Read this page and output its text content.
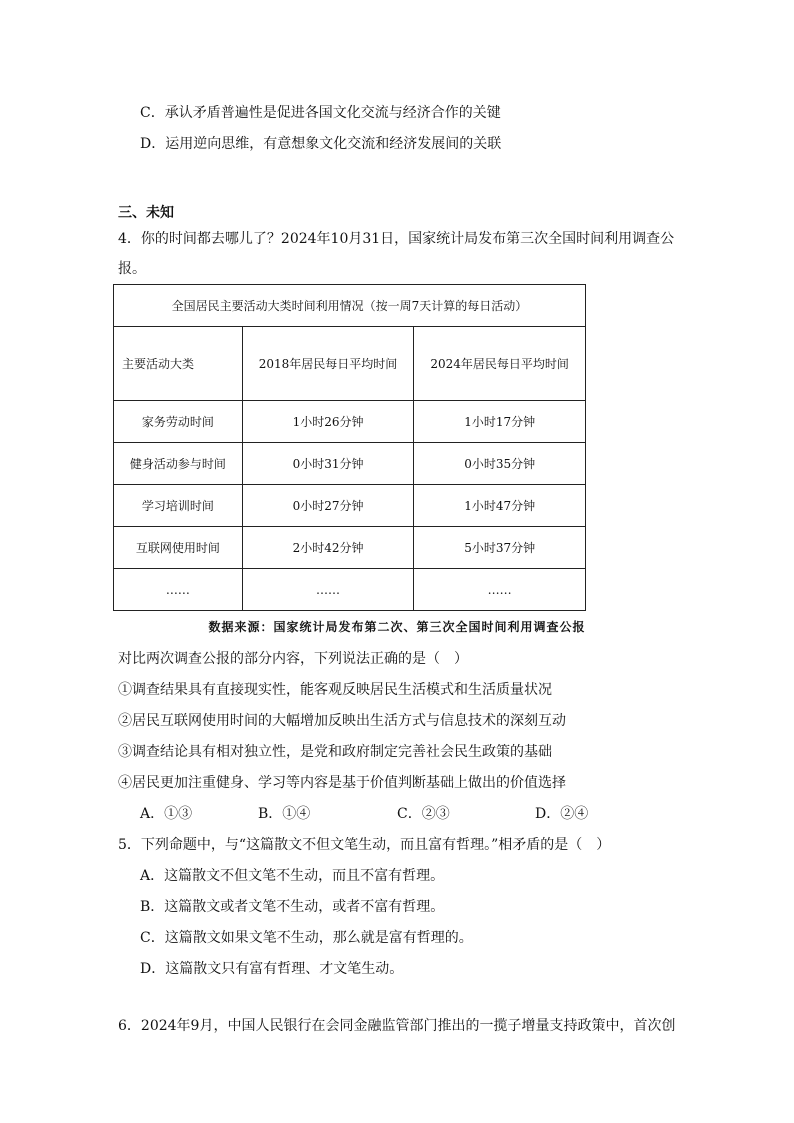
C．承认矛盾普遍性是促进各国文化交流与经济合作的关键
D．运用逆向思维，有意想象文化交流和经济发展间的关联
三、未知
4．你的时间都去哪儿了？2024年10月31日，国家统计局发布第三次全国时间利用调查公
报。
全国居民主要活动大类时间利用情况（按一周7天计算的每日活动）		
主要活动大类	2018年居民每日平均时间	2024年居民每日平均时间
家务劳动时间	1小时26分钟	1小时17分钟
健身活动参与时间	0小时31分钟	0小时35分钟
学习培训时间	0小时27分钟	1小时47分钟
互联网使用时间	2小时42分钟	5小时37分钟
……	……	……
数据来源：国家统计局发布第二次、第三次全国时间利用调查公报
对比两次调查公报的部分内容，下列说法正确的是（　）
①调查结果具有直接现实性，能客观反映居民生活模式和生活质量状况
②居民互联网使用时间的大幅增加反映出生活方式与信息技术的深刻互动
③调查结论具有相对独立性，是党和政府制定完善社会民生政策的基础
④居民更加注重健身、学习等内容是基于价值判断基础上做出的价值选择
A．①③	B．①④	C．②③	D．②④
5．下列命题中，与“这篇散文不但文笔生动，而且富有哲理。”相矛盾的是（　）
A．这篇散文不但文笔不生动，而且不富有哲理。
B．这篇散文或者文笔不生动，或者不富有哲理。
C．这篇散文如果文笔不生动，那么就是富有哲理的。
D．这篇散文只有富有哲理、才文笔生动。
6．2024年9月，中国人民银行在会同金融监管部门推出的一揽子增量支持政策中，首次创
